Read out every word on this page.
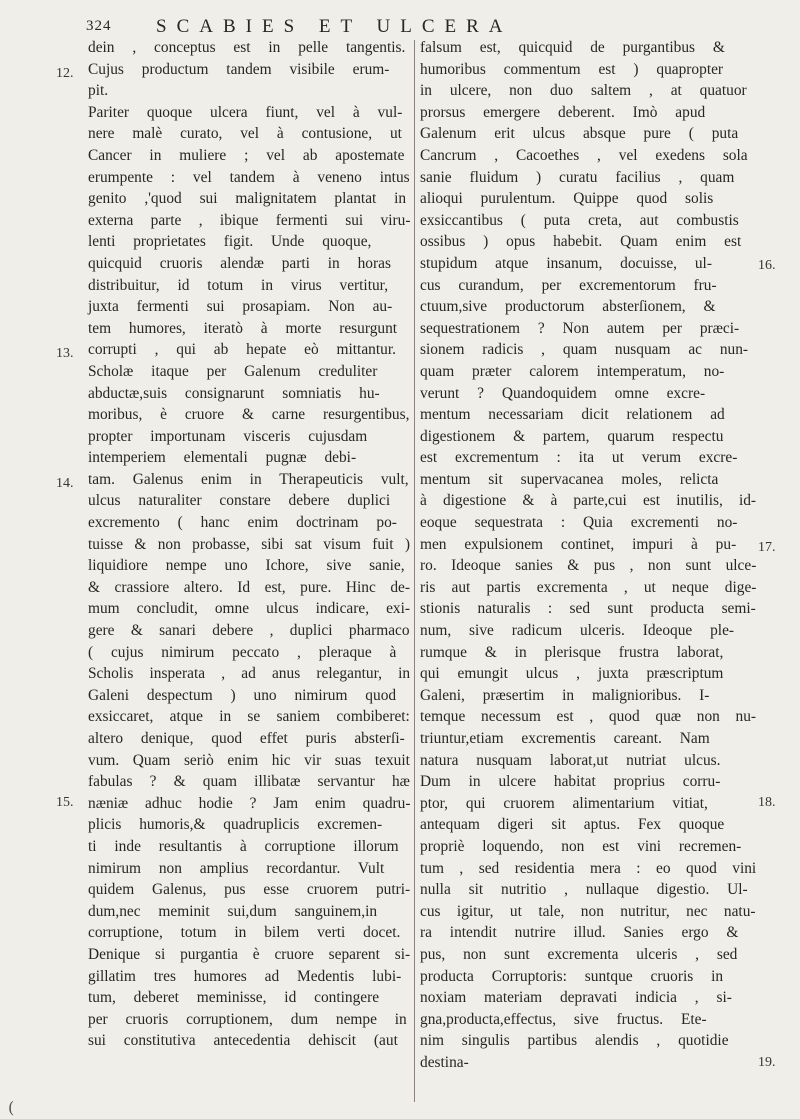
324 SCABIES ET ULCERA
dein , conceptus est in pelle tangentis.
Cujus productum tandem visibile erum-
pit.
Pariter quoque ulcera fiunt, vel à vul-
nere malè curato, vel à contusione, ut
Cancer in muliere ; vel ab apostemate
erumpente : vel tandem à veneno intus
genito ,'quod sui malignitatem plantat in
externa parte , ibique fermenti sui viru-
lenti proprietates figit. Unde quoque,
quicquid cruoris alendæ parti in horas
distribuitur, id totum in virus vertitur,
juxta fermenti sui prosapiam. Non au-
tem humores, iteratò à morte resurgunt
corrupti , qui ab hepate eò mittantur.
Scholæ itaque per Galenum creduliter
abductæ,suis consignarunt somniatis hu-
moribus, è cruore & carne resurgentibus,
propter importunam visceris cujusdam
intemperiem elementali pugnæ debi-
tam. Galenus enim in Therapeuticis vult,
ulcus naturaliter constare debere duplici
excremento ( hanc enim doctrinam po-
tuisse & non probasse, sibi sat visum fuit )
liquidiore nempe uno Ichore, sive sanie,
& crassiore altero. Id est, pure. Hinc de-
mum concludit, omne ulcus indicare, exi-
gere & sanari debere , duplici pharmaco
( cujus nimirum peccato , pleraque à
Scholis insperata , ad anus relegantur, in
Galeni despectum ) uno nimirum quod
exsiccaret, atque in se saniem combiberet:
altero denique, quod effet puris absterſi-
vum. Quam seriò enim hic vir suas texuit
fabulas ? & quam illibatæ servantur hæ
næniæ adhuc hodie ? Jam enim quadru-
plicis humoris,& quadruplicis excremen-
ti inde resultantis à corruptione illorum
nimirum non amplius recordantur. Vult
quidem Galenus, pus esse cruorem putri-
dum,nec meminit sui,dum sanguinem,in
corruptione, totum in bilem verti docet.
Denique si purgantia è cruore separent si-
gillatim tres humores ad Medentis lubi-
tum, deberet meminisse, id contingere
per cruoris corruptionem, dum nempe in
sui constitutiva antecedentia dehiscit (aut
falsum est, quicquid de purgantibus &
humoribus commentum est ) quapropter
in ulcere, non duo saltem , at quatuor
prorsus emergere deberent. Imò apud
Galenum erit ulcus absque pure ( puta
Cancrum , Cacoethes , vel exedens sola
sanie fluidum ) curatu facilius , quam
alioqui purulentum. Quippe quod solis
exsiccantibus ( puta creta, aut combustis
ossibus ) opus habebit. Quam enim est
stupidum atque insanum, docuisse, ul-
cus curandum, per excrementorum fru-
ctuum,sive productorum absterſionem, &
sequestrationem ? Non autem per præci-
sionem radicis , quam nusquam ac nun-
quam præter calorem intemperatum, no-
verunt ? Quandoquidem omne excre-
mentum necessariam dicit relationem ad
digestionem & partem, quarum respectu
est excrementum : ita ut verum excre-
mentum sit supervacanea moles, relicta
à digestione & à parte,cui est inutilis, id-
eoque sequestrata : Quia excrementi no-
men expulsionem continet, impuri à pu-
ro. Ideoque sanies & pus , non sunt ulce-
ris aut partis excrementa , ut neque dige-
stionis naturalis : sed sunt producta semi-
num, sive radicum ulceris. Ideoque ple-
rumque & in plerisque frustra laborat,
qui emungit ulcus , juxta præscriptum
Galeni, præsertim in malignioribus. I-
temque necessum est , quod quæ non nu-
triuntur,etiam excrementis careant. Nam
natura nusquam laborat,ut nutriat ulcus.
Dum in ulcere habitat proprius corru-
ptor, qui cruorem alimentarium vitiat,
antequam digeri sit aptus. Fex quoque
propriè loquendo, non est vini recremen-
tum , sed residentia mera : eo quod vini
nulla sit nutritio , nullaque digestio. Ul-
cus igitur, ut tale, non nutritur, nec natu-
ra intendit nutrire illud. Sanies ergo &
pus, non sunt excrementa ulceris , sed
producta Corruptoris: suntque cruoris in
noxiam materiam depravati indicia , si-
gna,producta,effectus, sive fructus. Ete-
nim singulis partibus alendis , quotidie
destina-
12.
13.
14.
15.
16.
17.
18.
19.
(
